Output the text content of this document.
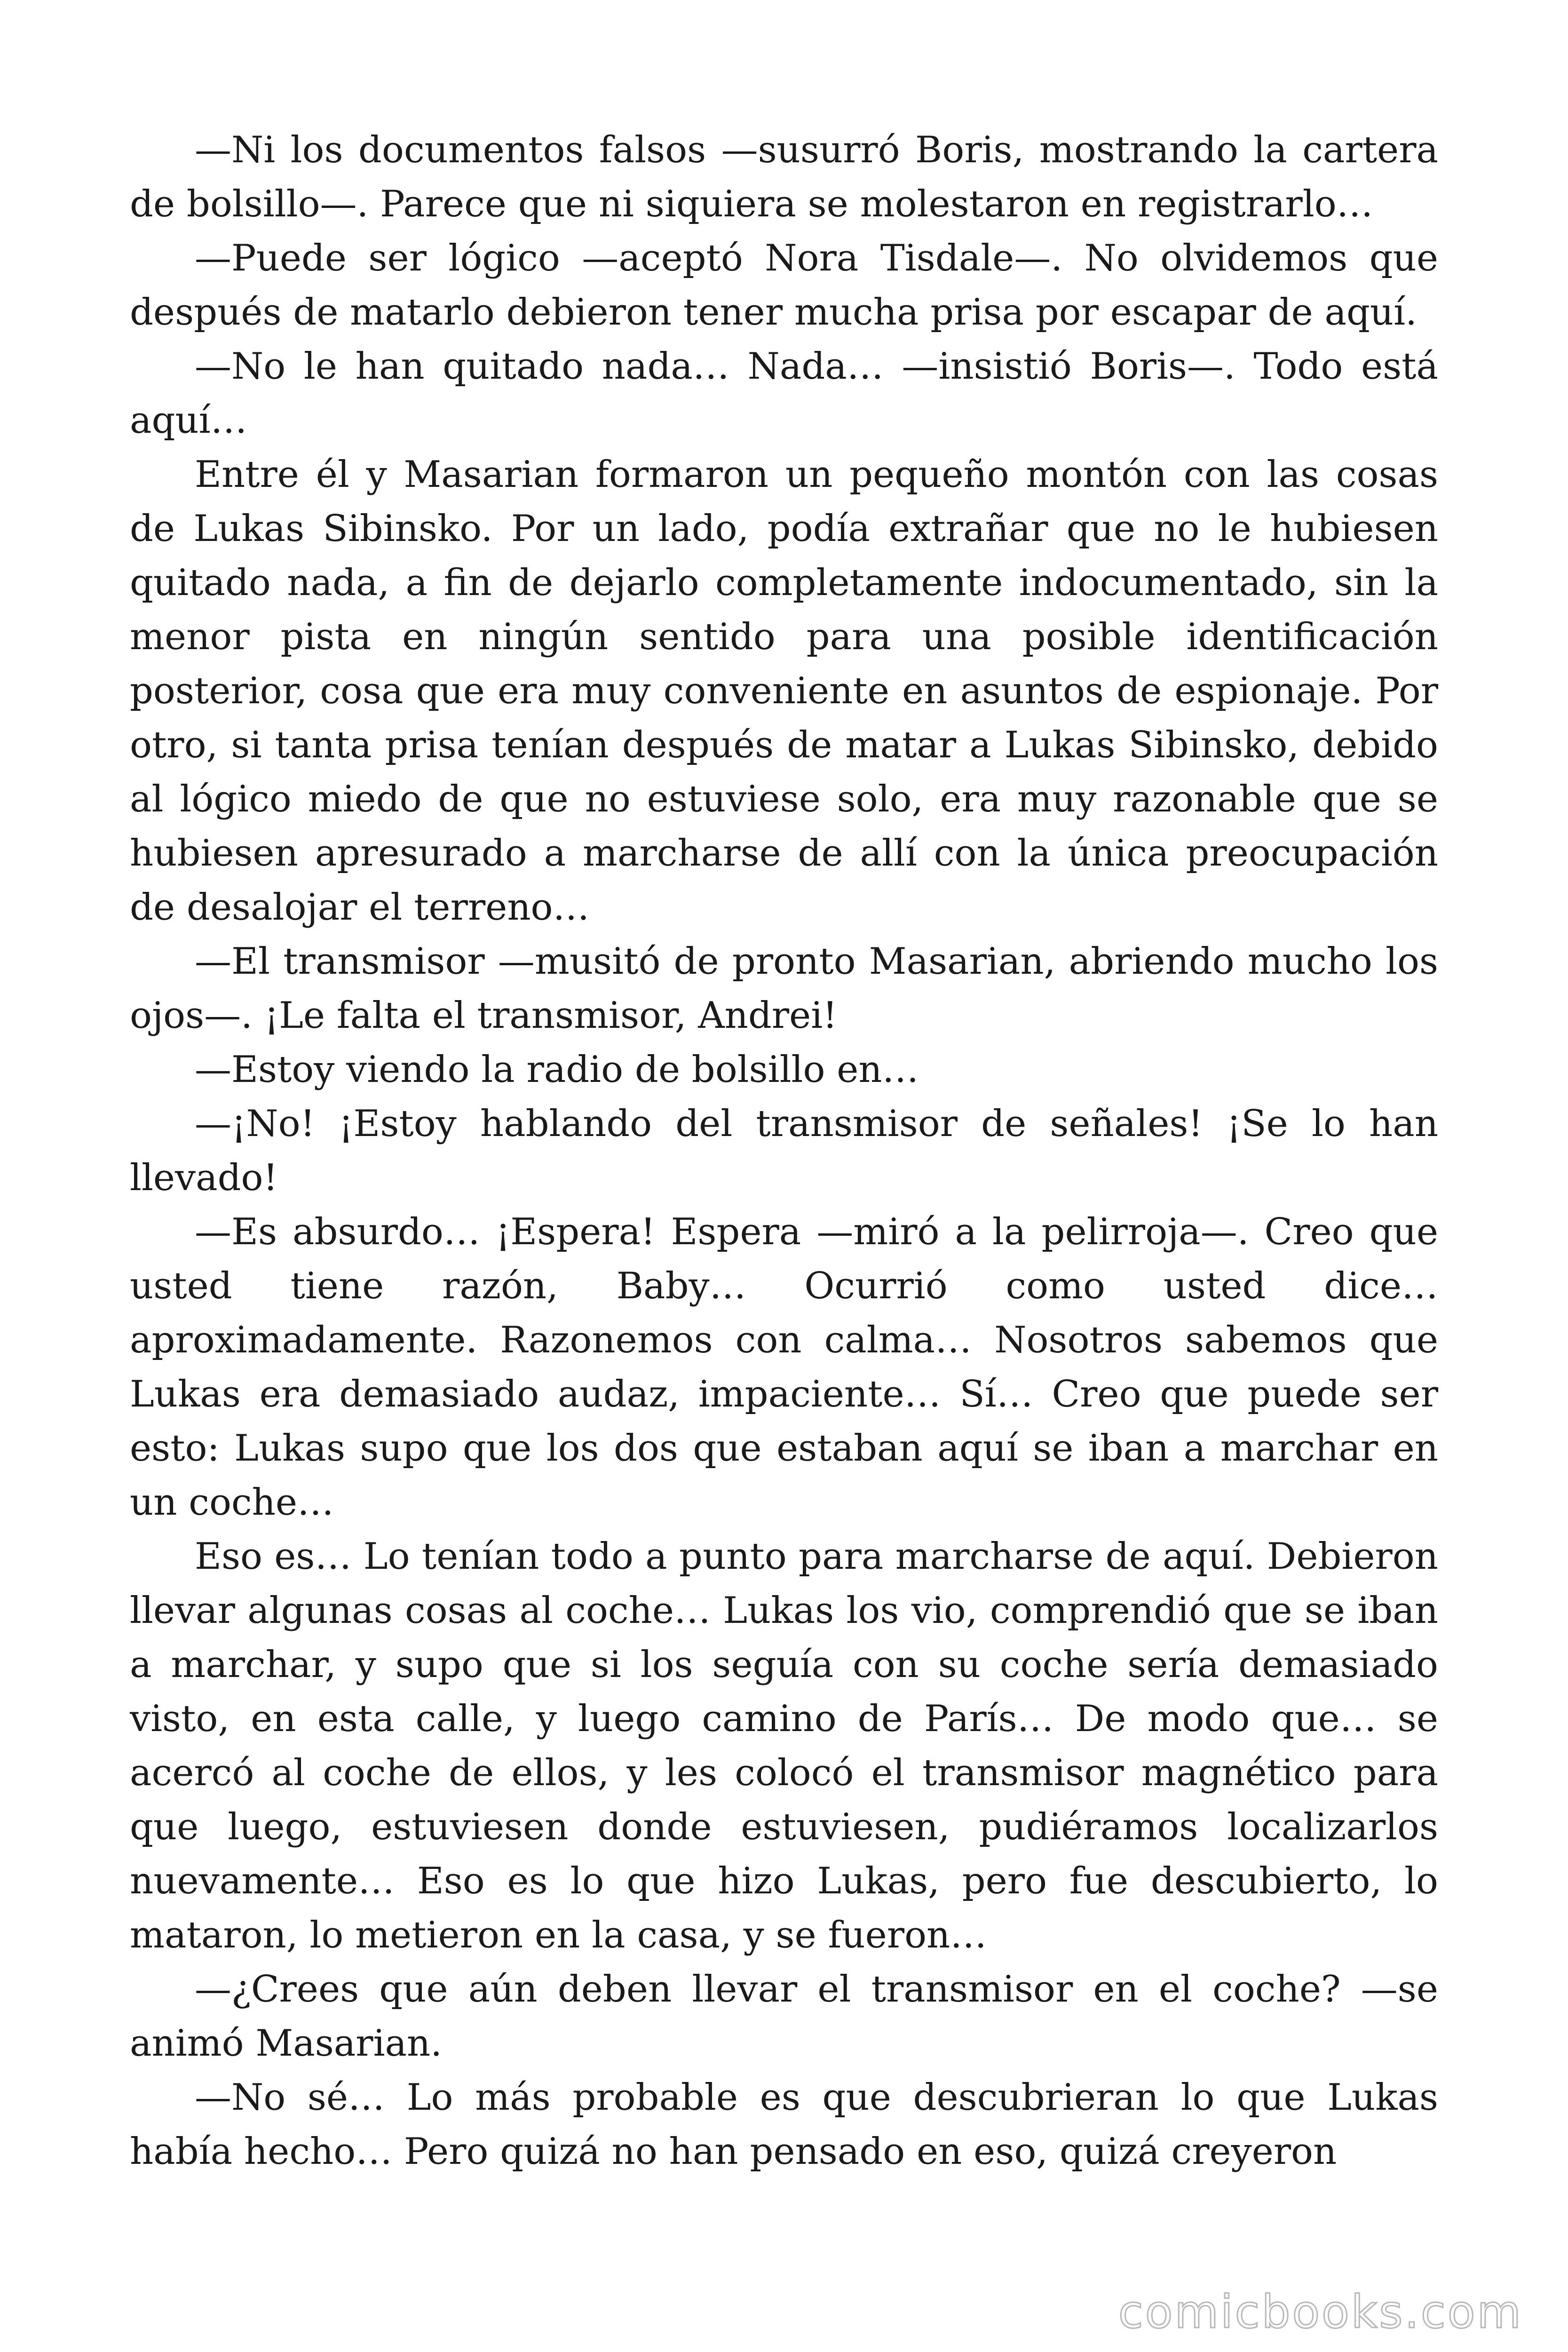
—Ni los documentos falsos —susurró Boris, mostrando la cartera de bolsillo—. Parece que ni siquiera se molestaron en registrarlo…

—Puede ser lógico —aceptó Nora Tisdale—. No olvidemos que después de matarlo debieron tener mucha prisa por escapar de aquí.

—No le han quitado nada… Nada… —insistió Boris—. Todo está aquí…

Entre él y Masarian formaron un pequeño montón con las cosas de Lukas Sibinsko. Por un lado, podía extrañar que no le hubiesen quitado nada, a fin de dejarlo completamente indocumentado, sin la menor pista en ningún sentido para una posible identificación posterior, cosa que era muy conveniente en asuntos de espionaje. Por otro, si tanta prisa tenían después de matar a Lukas Sibinsko, debido al lógico miedo de que no estuviese solo, era muy razonable que se hubiesen apresurado a marcharse de allí con la única preocupación de desalojar el terreno…

—El transmisor —musitó de pronto Masarian, abriendo mucho los ojos—. ¡Le falta el transmisor, Andrei!

—Estoy viendo la radio de bolsillo en…

—¡No! ¡Estoy hablando del transmisor de señales! ¡Se lo han llevado!

—Es absurdo… ¡Espera! Espera —miró a la pelirroja—. Creo que usted tiene razón, Baby… Ocurrió como usted dice… aproximadamente. Razonemos con calma… Nosotros sabemos que Lukas era demasiado audaz, impaciente… Sí… Creo que puede ser esto: Lukas supo que los dos que estaban aquí se iban a marchar en un coche…

Eso es… Lo tenían todo a punto para marcharse de aquí. Debieron llevar algunas cosas al coche… Lukas los vio, comprendió que se iban a marchar, y supo que si los seguía con su coche sería demasiado visto, en esta calle, y luego camino de París… De modo que… se acercó al coche de ellos, y les colocó el transmisor magnético para que luego, estuviesen donde estuviesen, pudiéramos localizarlos nuevamente… Eso es lo que hizo Lukas, pero fue descubierto, lo mataron, lo metieron en la casa, y se fueron…

—¿Crees que aún deben llevar el transmisor en el coche? —se animó Masarian.

—No sé… Lo más probable es que descubrieran lo que Lukas había hecho… Pero quizá no han pensado en eso, quizá creyeron

comicbooks.com
